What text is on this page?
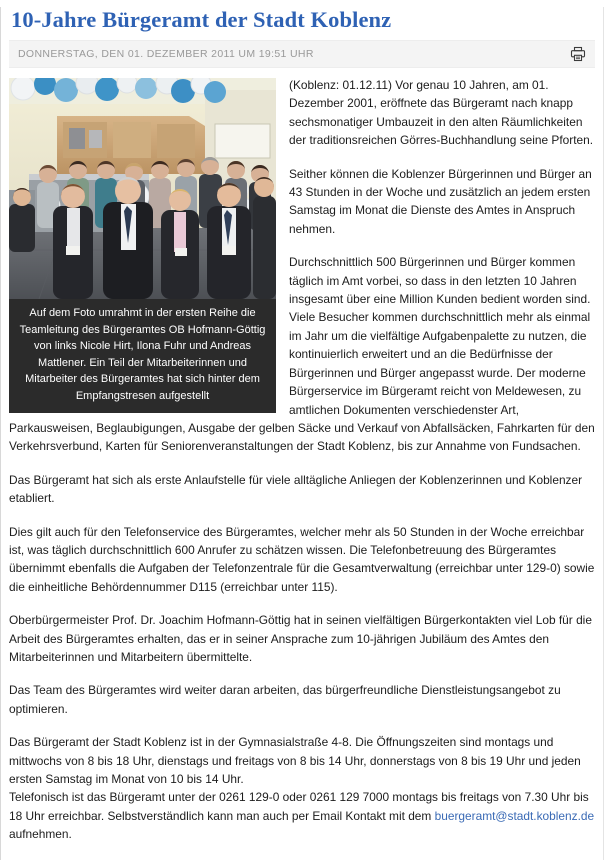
10-Jahre Bürgeramt der Stadt Koblenz
DONNERSTAG, DEN 01. DEZEMBER 2011 UM 19:51 UHR
Auf dem Foto umrahmt in der ersten Reihe die Teamleitung des Bürgeramtes OB Hofmann-Göttig von links Nicole Hirt, Ilona Fuhr und Andreas Mattlener. Ein Teil der Mitarbeiterinnen und Mitarbeiter des Bürgeramtes hat sich hinter dem Empfangstresen aufgestellt

(Koblenz: 01.12.11) Vor genau 10 Jahren, am 01. Dezember 2001, eröffnete das Bürgeramt nach knapp sechsmonatiger Umbauzeit in den alten Räumlichkeiten der traditionsreichen Görres-Buchhandlung seine Pforten.

Seither können die Koblenzer Bürgerinnen und Bürger an 43 Stunden in der Woche und zusätzlich an jedem ersten Samstag im Monat die Dienste des Amtes in Anspruch nehmen.

Durchschnittlich 500 Bürgerinnen und Bürger kommen täglich im Amt vorbei, so dass in den letzten 10 Jahren insgesamt über eine Million Kunden bedient worden sind. Viele Besucher kommen durchschnittlich mehr als einmal im Jahr um die vielfältige Aufgabenpalette zu nutzen, die kontinuierlich erweitert und an die Bedürfnisse der Bürgerinnen und Bürger angepasst wurde. Der moderne Bürgerservice im Bürgeramt reicht von Meldewesen, zu amtlichen Dokumenten verschiedenster Art, Parkausweisen, Beglaubigungen, Ausgabe der gelben Säcke und Verkauf von Abfallsäcken, Fahrkarten für den Verkehrsverbund, Karten für Seniorenveranstaltungen der Stadt Koblenz, bis zur Annahme von Fundsachen.

Das Bürgeramt hat sich als erste Anlaufstelle für viele alltägliche Anliegen der Koblenzerinnen und Koblenzer etabliert.

Dies gilt auch für den Telefonservice des Bürgeramtes, welcher mehr als 50 Stunden in der Woche erreichbar ist, was täglich durchschnittlich 600 Anrufer zu schätzen wissen. Die Telefonbetreuung des Bürgeramtes übernimmt ebenfalls die Aufgaben der Telefonzentrale für die Gesamtverwaltung (erreichbar unter 129-0) sowie die einheitliche Behördennummer D115 (erreichbar unter 115).

Oberbürgermeister Prof. Dr. Joachim Hofmann-Göttig hat in seinen vielfältigen Bürgerkontakten viel Lob für die Arbeit des Bürgeramtes erhalten, das er in seiner Ansprache zum 10-jährigen Jubiläum des Amtes den Mitarbeiterinnen und Mitarbeitern übermittelte.

Das Team des Bürgeramtes wird weiter daran arbeiten, das bürgerfreundliche Dienstleistungsangebot zu optimieren.

Das Bürgeramt der Stadt Koblenz ist in der Gymnasialstraße 4-8. Die Öffnungszeiten sind montags und mittwochs von 8 bis 18 Uhr, dienstags und freitags von 8 bis 14 Uhr, donnerstags von 8 bis 19 Uhr und jeden ersten Samstag im Monat von 10 bis 14 Uhr.

Telefonisch ist das Bürgeramt unter der 0261 129-0 oder 0261 129 7000 montags bis freitags von 7.30 Uhr bis 18 Uhr erreichbar. Selbstverständlich kann man auch per Email Kontakt mit dem buergeramt@stadt.koblenz.de aufnehmen.
